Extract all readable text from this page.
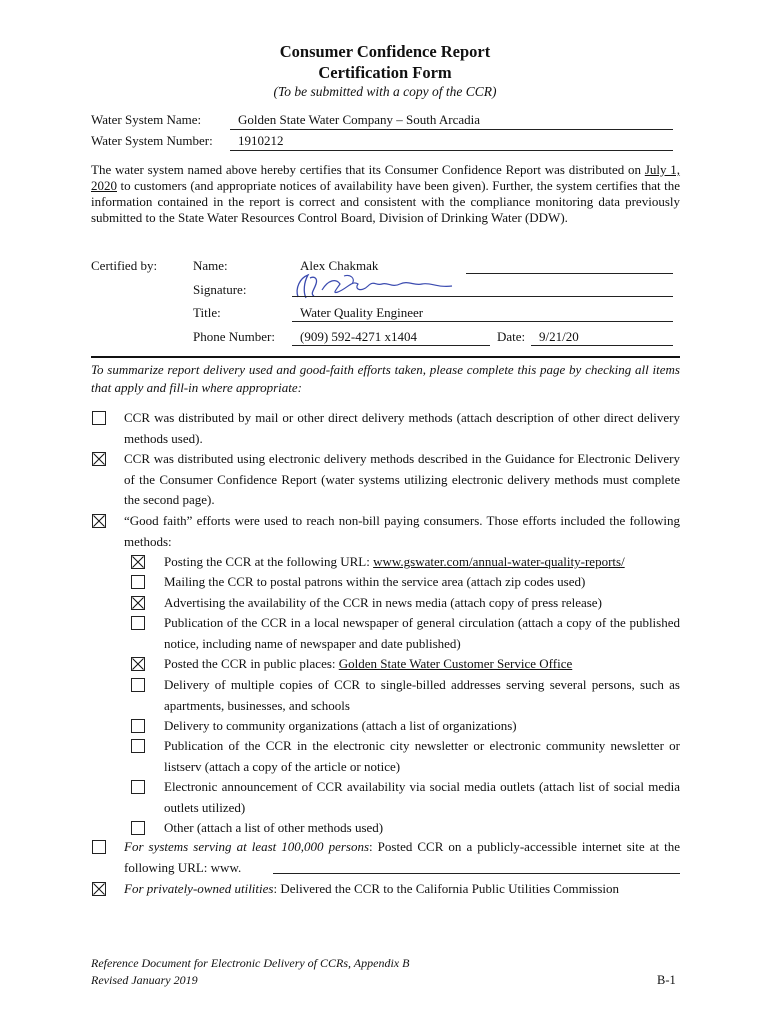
Consumer Confidence Report
Certification Form
(To be submitted with a copy of the CCR)
Water System Name:	Golden State Water Company – South Arcadia
Water System Number: 1910212
The water system named above hereby certifies that its Consumer Confidence Report was distributed on July 1, 2020 to customers (and appropriate notices of availability have been given). Further, the system certifies that the information contained in the report is correct and consistent with the compliance monitoring data previously submitted to the State Water Resources Control Board, Division of Drinking Water (DDW).
Certified by:	Name:	Alex Chakmak
Signature:
Title:	Water Quality Engineer
Phone Number: (909) 592-4271 x1404	Date: 9/21/20
To summarize report delivery used and good-faith efforts taken, please complete this page by checking all items that apply and fill-in where appropriate:
CCR was distributed by mail or other direct delivery methods (attach description of other direct delivery methods used).
CCR was distributed using electronic delivery methods described in the Guidance for Electronic Delivery of the Consumer Confidence Report (water systems utilizing electronic delivery methods must complete the second page).
“Good faith” efforts were used to reach non-bill paying consumers. Those efforts included the following methods:
Posting the CCR at the following URL: www.gswater.com/annual-water-quality-reports/
Mailing the CCR to postal patrons within the service area (attach zip codes used)
Advertising the availability of the CCR in news media (attach copy of press release)
Publication of the CCR in a local newspaper of general circulation (attach a copy of the published notice, including name of newspaper and date published)
Posted the CCR in public places: Golden State Water Customer Service Office
Delivery of multiple copies of CCR to single-billed addresses serving several persons, such as apartments, businesses, and schools
Delivery to community organizations (attach a list of organizations)
Publication of the CCR in the electronic city newsletter or electronic community newsletter or listserv (attach a copy of the article or notice)
Electronic announcement of CCR availability via social media outlets (attach list of social media outlets utilized)
Other (attach a list of other methods used)
For systems serving at least 100,000 persons: Posted CCR on a publicly-accessible internet site at the following URL: www.
For privately-owned utilities: Delivered the CCR to the California Public Utilities Commission
Reference Document for Electronic Delivery of CCRs, Appendix B
Revised January 2019	B-1
